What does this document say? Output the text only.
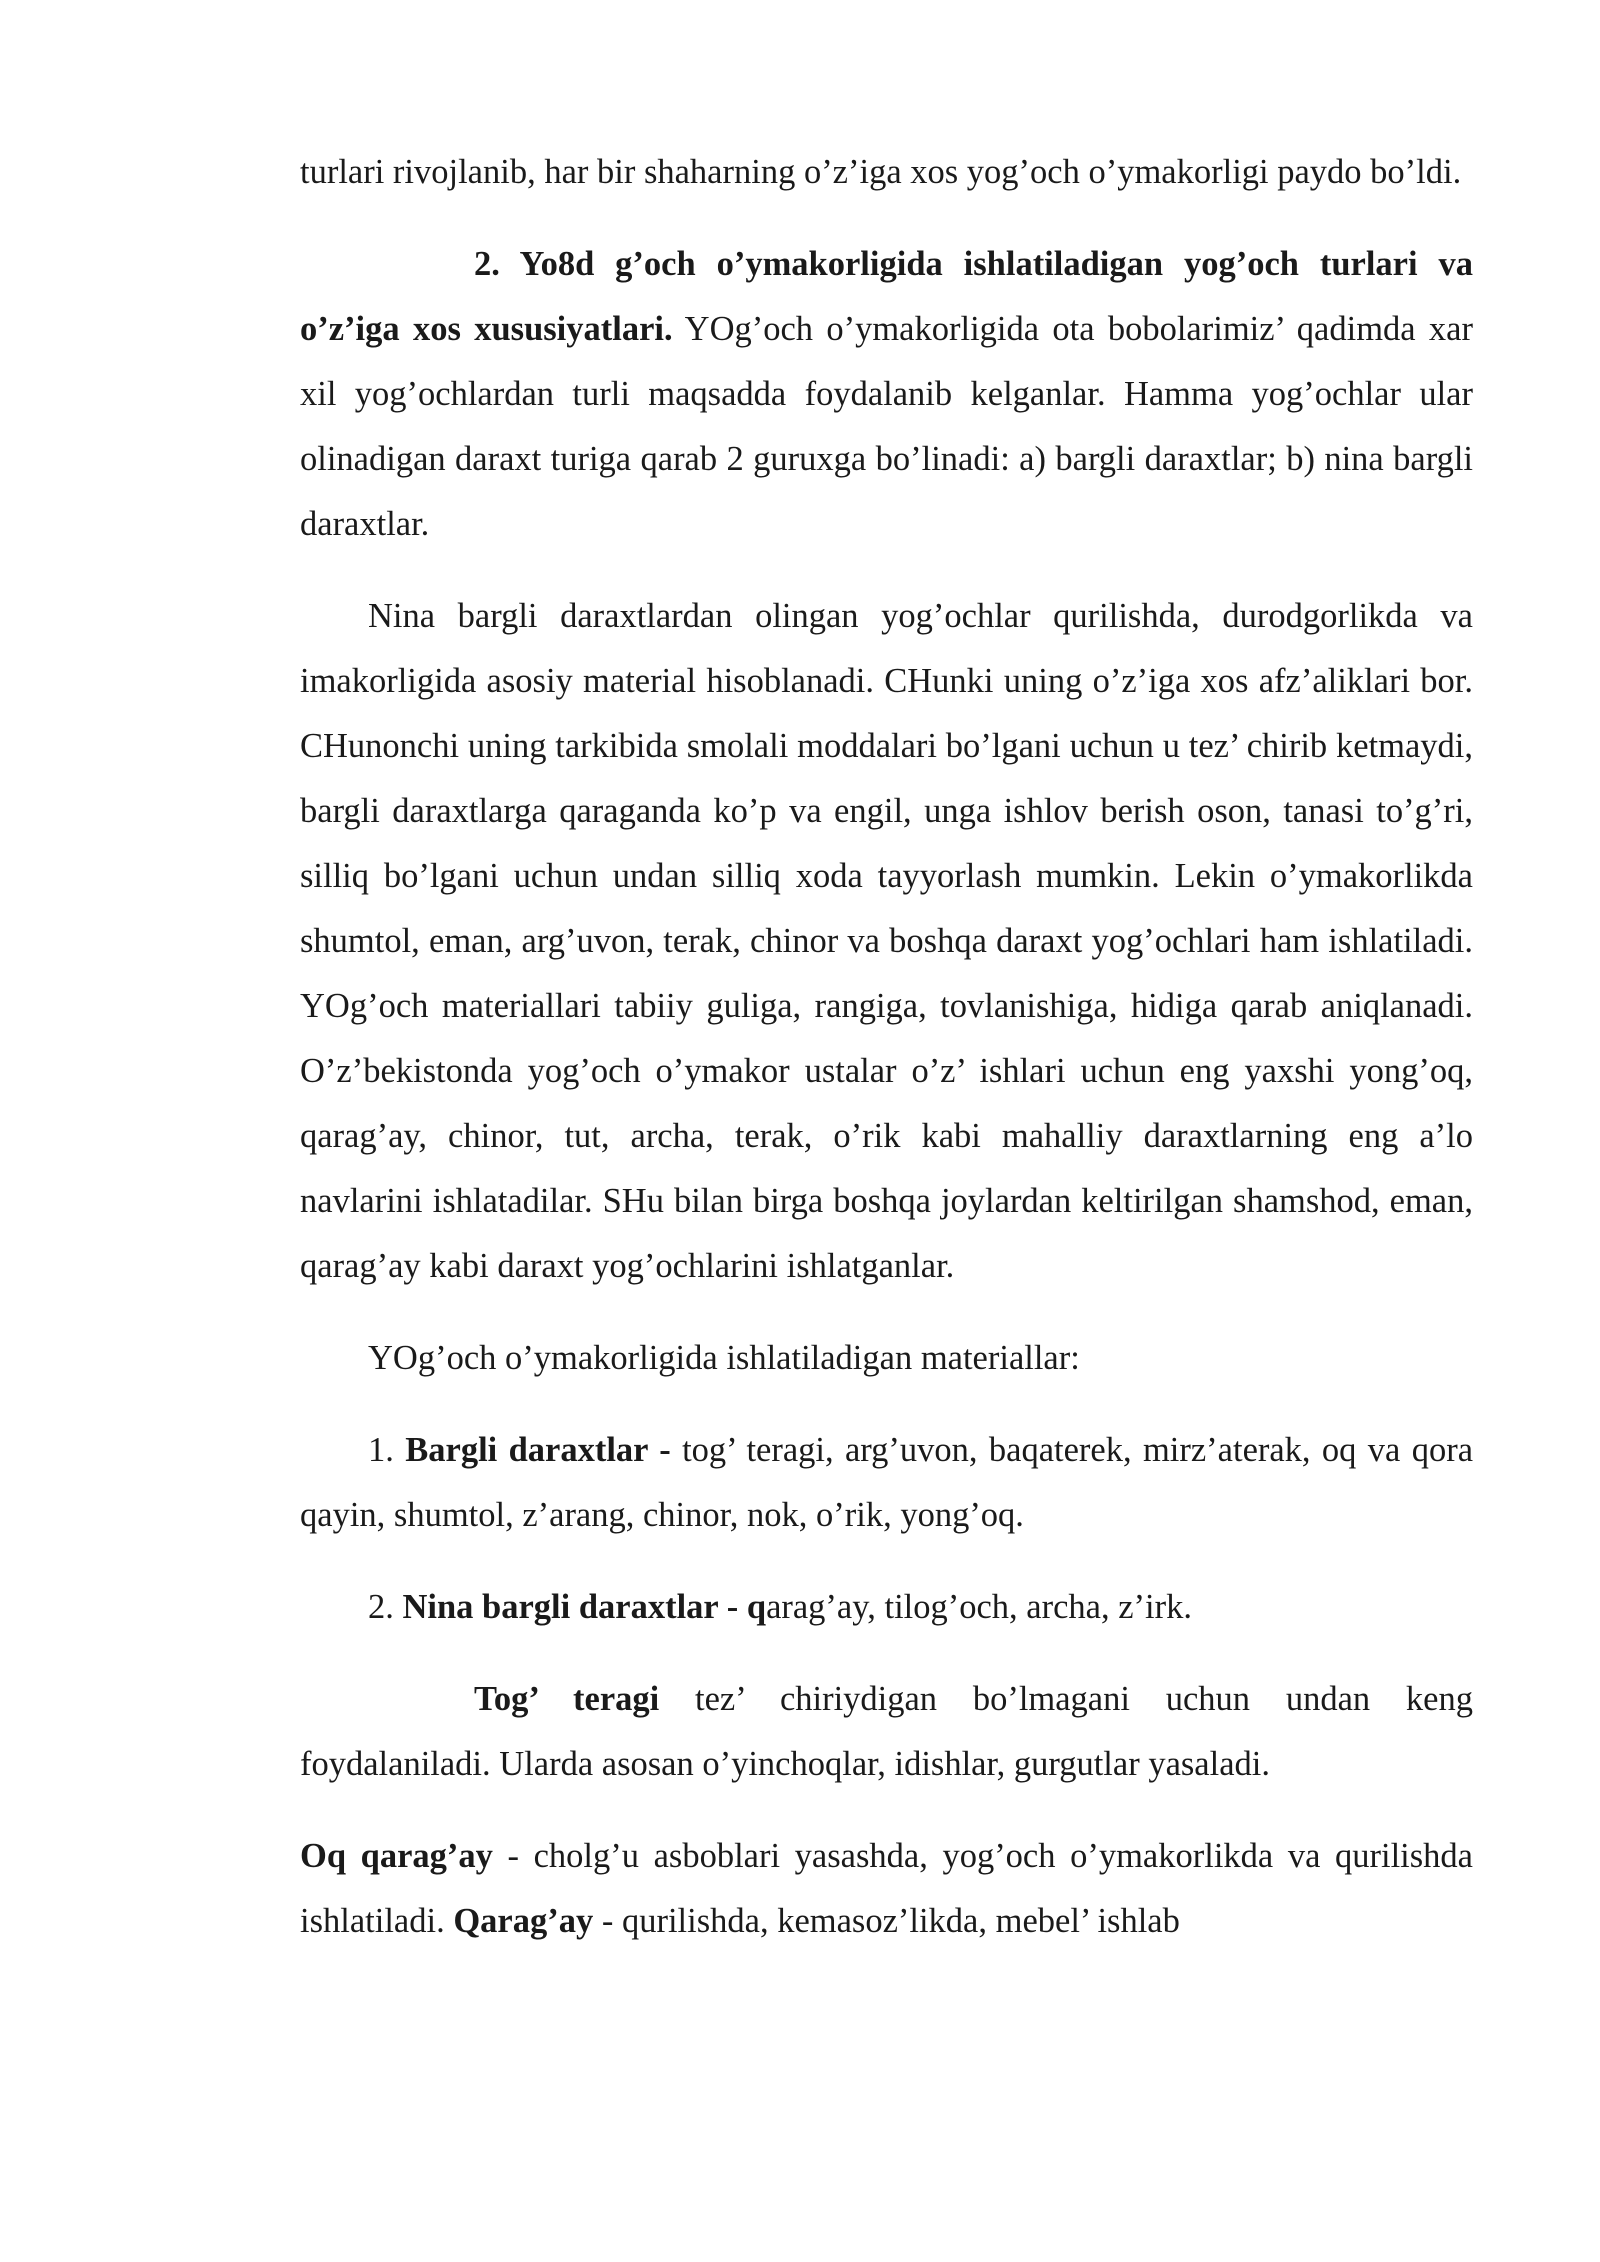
turlari rivojlanib, har bir shaharning o’z’iga xos yog’och o’ymakorligi paydo bo’ldi.

2. Yo8d g’och o’ymakorligida ishlatiladigan yog’och turlari va o’z’iga xos xususiyatlari. YOg’och o’ymakorligida ota bobolarimiz’ qadimda xar xil yog’ochlardan turli maqsadda foydalanib kelganlar. Hamma yog’ochlar ular olinadigan daraxt turiga qarab 2 guruxga bo’linadi: a) bargli daraxtlar; b) nina bargli daraxtlar.

Nina bargli daraxtlardan olingan yog’ochlar qurilishda, durodgorlikda va imakorligida asosiy material hisoblanadi. CHunki uning o’z’iga xos afz’aliklari bor. CHunonchi uning tarkibida smolali moddalari bo’lgani uchun u tez’ chirib ketmaydi, bargli daraxtlarga qaraganda ko’p va engil, unga ishlov berish oson, tanasi to’g’ri, silliq bo’lgani uchun undan silliq xoda tayyorlash mumkin. Lekin o’ymakorlikda shumtol, eman, arg’uvon, terak, chinor va boshqa daraxt yog’ochlari ham ishlatiladi. YOg’och materiallari tabiiy guliga, rangiga, tovlanishiga, hidiga qarab aniqlanadi. O’z’bekistonda yog’och o’ymakor ustalar o’z’ ishlari uchun eng yaxshi yong’oq, qarag’ay, chinor, tut, archa, terak, o’rik kabi mahalliy daraxtlarning eng a’lo navlarini ishlatadilar. SHu bilan birga boshqa joylardan keltirilgan shamshod, eman, qarag’ay kabi daraxt yog’ochlarini ishlatganlar.

YOg’och o’ymakorligida ishlatiladigan materiallar:

1. Bargli daraxtlar - tog’ teragi, arg’uvon, baqaterek, mirz’aterak, oq va qora qayin, shumtol, z’arang, chinor, nok, o’rik, yong’oq.

2. Nina bargli daraxtlar - qarag’ay, tilog’och, archa, z’irk.

Tog’ teragi tez’ chiriydigan bo’lmagani uchun undan keng foydalaniladi. Ularda asosan o’yinchoqlar, idishlar, gurgutlar yasaladi.

Oq qarag’ay - cholg’u asboblari yasashda, yog’och o’ymakorlikda va qurilishda ishlatiladi. Qarag’ay - qurilishda, kemasoz’likda, mebel’ ishlab
